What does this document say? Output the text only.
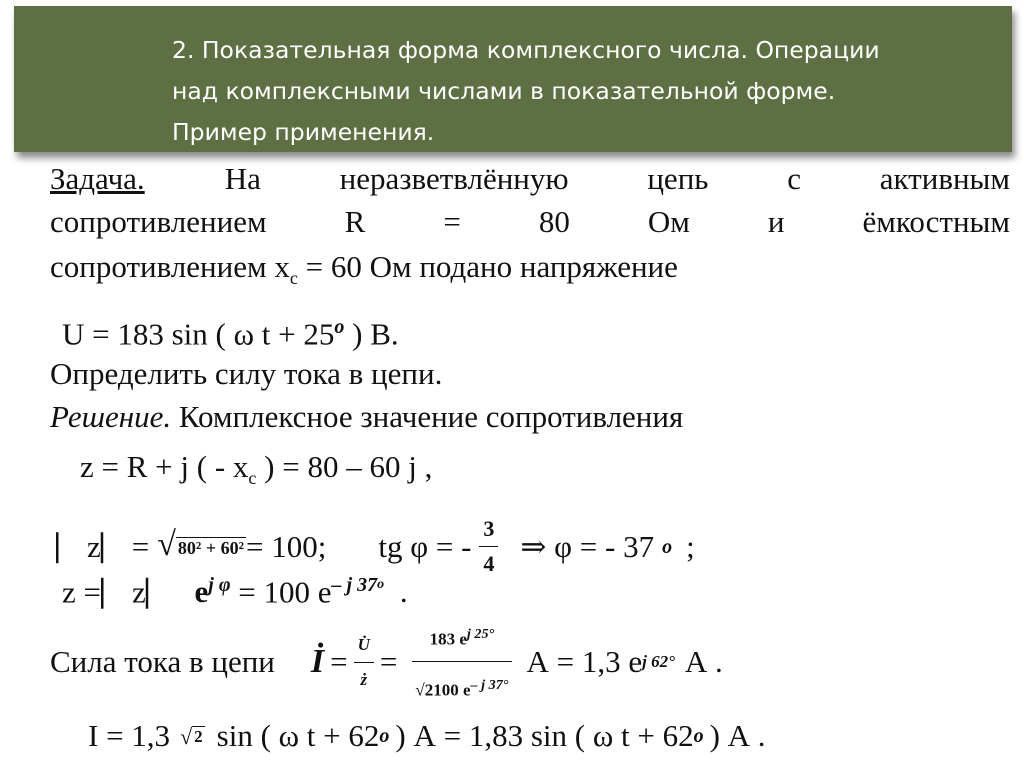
2. Показательная форма комплексного числа. Операции
над комплексными числами в показательной форме.
Пример применения.
Задача.	На неразветвлённую цепь с активным
сопротивлением R = 80 Ом и ёмкостным
сопротивлением $x_с = 60$ Ом подано напряжение
U = 183 sin ( ω $t + 25^o$ ) В.
Определить силу тока в цепи.
Решение. Комплексное значение сопротивления
z = R + j ( - $x_с$ ) = 80 – 60 j ,
⎸z⎸= √ 80² + 60² = 100; tg φ = - $\frac{3}{4}$ ⇒ φ = - 37 o ;
z =⎸z⎸ $e^{j \varphi} = 100$ $e^{- j 37o}$ .
Сила тока в цепи İ = $\frac{U̇}{ż} = \frac{183 e^{j 25^\circ}}{√2100 e^{- j 37^\circ}}$ А = 1,3 e j 62° А .
I = 1,3 √ 2 sin ( ω t + 62 o ) А = 1,83 sin ( ω t + 62 o ) А .
